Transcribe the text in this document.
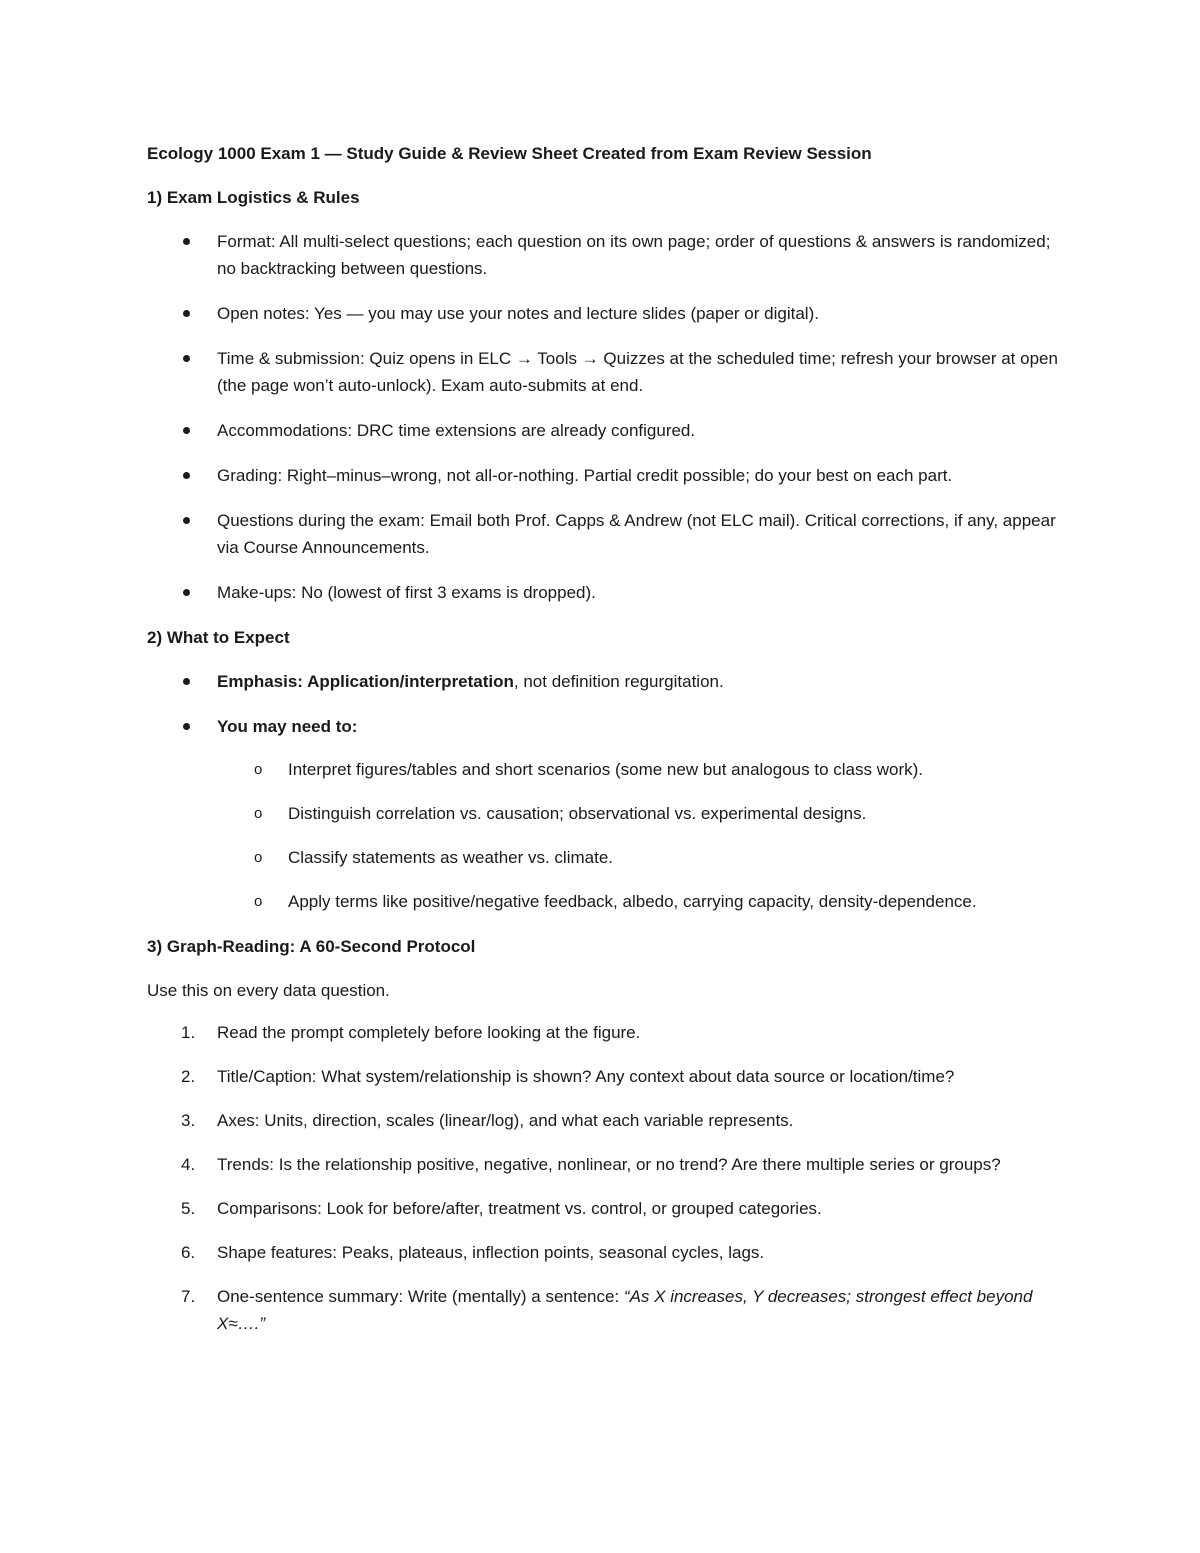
Ecology 1000 Exam 1 — Study Guide & Review Sheet Created from Exam Review Session
1) Exam Logistics & Rules
Format: All multi-select questions; each question on its own page; order of questions & answers is randomized; no backtracking between questions.
Open notes: Yes — you may use your notes and lecture slides (paper or digital).
Time & submission: Quiz opens in ELC → Tools → Quizzes at the scheduled time; refresh your browser at open (the page won’t auto-unlock). Exam auto-submits at end.
Accommodations: DRC time extensions are already configured.
Grading: Right–minus–wrong, not all-or-nothing. Partial credit possible; do your best on each part.
Questions during the exam: Email both Prof. Capps & Andrew (not ELC mail). Critical corrections, if any, appear via Course Announcements.
Make-ups: No (lowest of first 3 exams is dropped).
2) What to Expect
Emphasis: Application/interpretation, not definition regurgitation.
You may need to:
o Interpret figures/tables and short scenarios (some new but analogous to class work).
o Distinguish correlation vs. causation; observational vs. experimental designs.
o Classify statements as weather vs. climate.
o Apply terms like positive/negative feedback, albedo, carrying capacity, density-dependence.
3) Graph-Reading: A 60-Second Protocol
Use this on every data question.
1. Read the prompt completely before looking at the figure.
2. Title/Caption: What system/relationship is shown? Any context about data source or location/time?
3. Axes: Units, direction, scales (linear/log), and what each variable represents.
4. Trends: Is the relationship positive, negative, nonlinear, or no trend? Are there multiple series or groups?
5. Comparisons: Look for before/after, treatment vs. control, or grouped categories.
6. Shape features: Peaks, plateaus, inflection points, seasonal cycles, lags.
7. One-sentence summary: Write (mentally) a sentence: “As X increases, Y decreases; strongest effect beyond X≈….”
